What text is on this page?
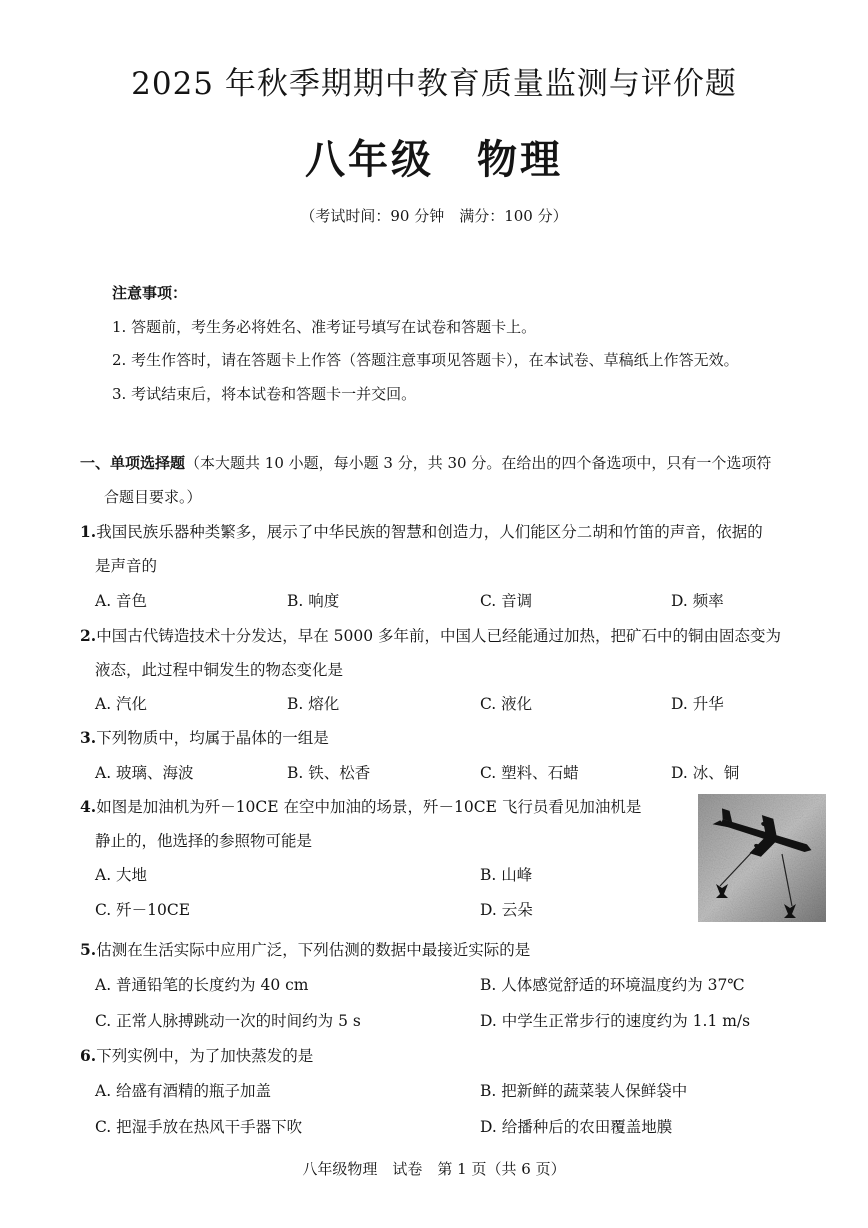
2025 年秋季期期中教育质量监测与评价题
八年级　物理
（考试时间：90 分钟　满分：100 分）
注意事项：
1. 答题前，考生务必将姓名、准考证号填写在试卷和答题卡上。
2. 考生作答时，请在答题卡上作答（答题注意事项见答题卡），在本试卷、草稿纸上作答无效。
3. 考试结束后，将本试卷和答题卡一并交回。
一、单项选择题（本大题共 10 小题，每小题 3 分，共 30 分。在给出的四个备选项中，只有一个选项符
合题目要求。）
1.我国民族乐器种类繁多，展示了中华民族的智慧和创造力，人们能区分二胡和竹笛的声音，依据的
是声音的
A. 音色	B. 响度	C. 音调	D. 频率
2.中国古代铸造技术十分发达，早在 5000 多年前，中国人已经能通过加热，把矿石中的铜由固态变为
液态，此过程中铜发生的物态变化是
A. 汽化	B. 熔化	C. 液化	D. 升华
3.下列物质中，均属于晶体的一组是
A. 玻璃、海波	B. 铁、松香	C. 塑料、石蜡	D. 冰、铜
4.如图是加油机为歼－10CE 在空中加油的场景，歼－10CE 飞行员看见加油机是
静止的，他选择的参照物可能是
A. 大地	B. 山峰
C. 歼－10CE	D. 云朵
5.估测在生活实际中应用广泛，下列估测的数据中最接近实际的是
A. 普通铅笔的长度约为 40 cm	B. 人体感觉舒适的环境温度约为 37℃
C. 正常人脉搏跳动一次的时间约为 5 s	D. 中学生正常步行的速度约为 1.1 m/s
6.下列实例中，为了加快蒸发的是
A. 给盛有酒精的瓶子加盖	B. 把新鲜的蔬菜装人保鲜袋中
C. 把湿手放在热风干手器下吹	D. 给播种后的农田覆盖地膜
八年级物理　试卷　第 1 页（共 6 页）
